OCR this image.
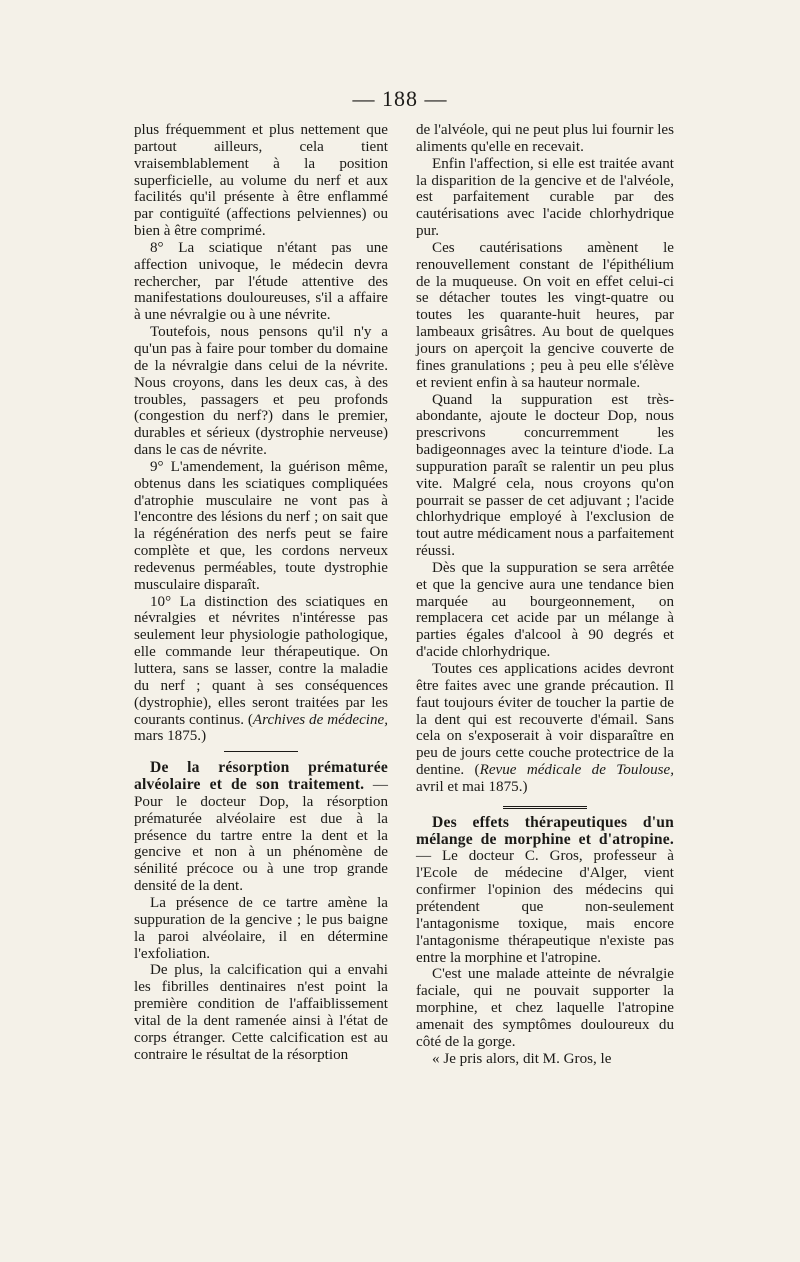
— 188 —

plus fréquemment et plus nettement que partout ailleurs, cela tient vraisemblablement à la position superficielle, au volume du nerf et aux facilités qu'il présente à être enflammé par contiguïté (affections pelviennes) ou bien à être comprimé.

8° La sciatique n'étant pas une affection univoque, le médecin devra rechercher, par l'étude attentive des manifestations douloureuses, s'il a affaire à une névralgie ou à une névrite.

Toutefois, nous pensons qu'il n'y a qu'un pas à faire pour tomber du domaine de la névralgie dans celui de la névrite. Nous croyons, dans les deux cas, à des troubles, passagers et peu profonds (congestion du nerf?) dans le premier, durables et sérieux (dystrophie nerveuse) dans le cas de névrite.

9° L'amendement, la guérison même, obtenus dans les sciatiques compliquées d'atrophie musculaire ne vont pas à l'encontre des lésions du nerf ; on sait que la régénération des nerfs peut se faire complète et que, les cordons nerveux redevenus perméables, toute dystrophie musculaire disparaît.

10° La distinction des sciatiques en névralgies et névrites n'intéresse pas seulement leur physiologie pathologique, elle commande leur thérapeutique. On luttera, sans se lasser, contre la maladie du nerf ; quant à ses conséquences (dystrophie), elles seront traitées par les courants continus. (Archives de médecine, mars 1875.)

De la résorption prématurée alvéolaire et de son traitement. — Pour le docteur Dop, la résorption prématurée alvéolaire est due à la présence du tartre entre la dent et la gencive et non à un phénomène de sénilité précoce ou à une trop grande densité de la dent.

La présence de ce tartre amène la suppuration de la gencive ; le pus baigne la paroi alvéolaire, il en détermine l'exfoliation.

De plus, la calcification qui a envahi les fibrilles dentinaires n'est point la première condition de l'affaiblissement vital de la dent ramenée ainsi à l'état de corps étranger. Cette calcification est au contraire le résultat de la résorption

de l'alvéole, qui ne peut plus lui fournir les aliments qu'elle en recevait.

Enfin l'affection, si elle est traitée avant la disparition de la gencive et de l'alvéole, est parfaitement curable par des cautérisations avec l'acide chlorhydrique pur.

Ces cautérisations amènent le renouvellement constant de l'épithélium de la muqueuse. On voit en effet celui-ci se détacher toutes les vingt-quatre ou toutes les quarante-huit heures, par lambeaux grisâtres. Au bout de quelques jours on aperçoit la gencive couverte de fines granulations ; peu à peu elle s'élève et revient enfin à sa hauteur normale.

Quand la suppuration est très-abondante, ajoute le docteur Dop, nous prescrivons concurremment les badigeonnages avec la teinture d'iode. La suppuration paraît se ralentir un peu plus vite. Malgré cela, nous croyons qu'on pourrait se passer de cet adjuvant ; l'acide chlorhydrique employé à l'exclusion de tout autre médicament nous a parfaitement réussi.

Dès que la suppuration se sera arrêtée et que la gencive aura une tendance bien marquée au bourgeonnement, on remplacera cet acide par un mélange à parties égales d'alcool à 90 degrés et d'acide chlorhydrique.

Toutes ces applications acides devront être faites avec une grande précaution. Il faut toujours éviter de toucher la partie de la dent qui est recouverte d'émail. Sans cela on s'exposerait à voir disparaître en peu de jours cette couche protectrice de la dentine. (Revue médicale de Toulouse, avril et mai 1875.)

Des effets thérapeutiques d'un mélange de morphine et d'atropine. — Le docteur C. Gros, professeur à l'Ecole de médecine d'Alger, vient confirmer l'opinion des médecins qui prétendent que non-seulement l'antagonisme toxique, mais encore l'antagonisme thérapeutique n'existe pas entre la morphine et l'atropine.

C'est une malade atteinte de névralgie faciale, qui ne pouvait supporter la morphine, et chez laquelle l'atropine amenait des symptômes douloureux du côté de la gorge.

« Je pris alors, dit M. Gros, le
